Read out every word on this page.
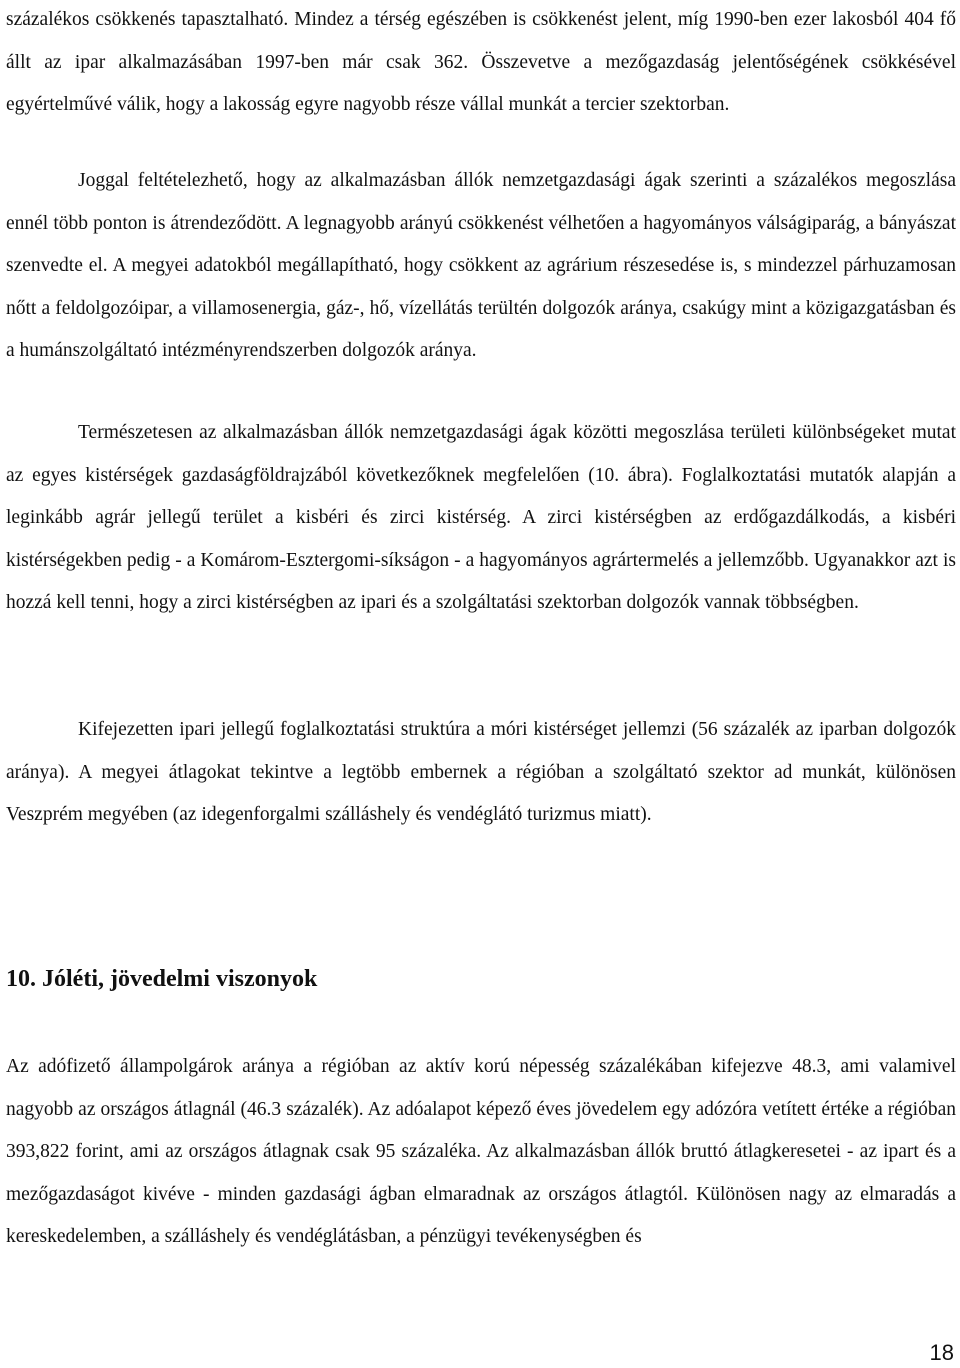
százalékos csökkenés tapasztalható. Mindez a térség egészében is csökkenést jelent, míg 1990-ben ezer lakosból 404 fő állt az ipar alkalmazásában 1997-ben már csak 362. Összevetve a mezőgazdaság jelentőségének csökkésével egyértelművé válik, hogy a lakosság egyre nagyobb része vállal munkát a tercier szektorban.

Joggal feltételezhető, hogy az alkalmazásban állók nemzetgazdasági ágak szerinti a százalékos megoszlása ennél több ponton is átrendeződött. A legnagyobb arányú csökkenést vélhetően a hagyományos válságiparág, a bányászat szenvedte el. A megyei adatokból megállapítható, hogy csökkent az agrárium részesedése is, s mindezzel párhuzamosan nőtt a feldolgozóipar, a villamosenergia, gáz-, hő, vízellátás terültén dolgozók aránya, csakúgy mint a közigazgatásban és a humánszolgáltató intézményrendszerben dolgozók aránya.

Természetesen az alkalmazásban állók nemzetgazdasági ágak közötti megoszlása területi különbségeket mutat az egyes kistérségek gazdaságföldrajzából következőknek megfelelően (10. ábra). Foglalkoztatási mutatók alapján a leginkább agrár jellegű terület a kisbéri és zirci kistérség. A zirci kistérségben az erdőgazdálkodás, a kisbéri kistérségekben pedig - a Komárom-Esztergomi-síkságon - a hagyományos agrártermelés a jellemzőbb. Ugyanakkor azt is hozzá kell tenni, hogy a zirci kistérségben az ipari és a szolgáltatási szektorban dolgozók vannak többségben.

Kifejezetten ipari jellegű foglalkoztatási struktúra a móri kistérséget jellemzi (56 százalék az iparban dolgozók aránya). A megyei átlagokat tekintve a legtöbb embernek a régióban a szolgáltató szektor ad munkát, különösen Veszprém megyében (az idegenforgalmi szálláshely és vendéglátó turizmus miatt).

10. Jóléti, jövedelmi viszonyok

Az adófizető állampolgárok aránya a régióban az aktív korú népesség százalékában kifejezve 48.3, ami valamivel nagyobb az országos átlagnál (46.3 százalék). Az adóalapot képező éves jövedelem egy adózóra vetített értéke a régióban 393,822 forint, ami az országos átlagnak csak 95 százaléka. Az alkalmazásban állók bruttó átlagkeresetei - az ipart és a mezőgazdaságot kivéve - minden gazdasági ágban elmaradnak az országos átlagtól. Különösen nagy az elmaradás a kereskedelemben, a szálláshely és vendéglátásban, a pénzügyi tevékenységben és

18
